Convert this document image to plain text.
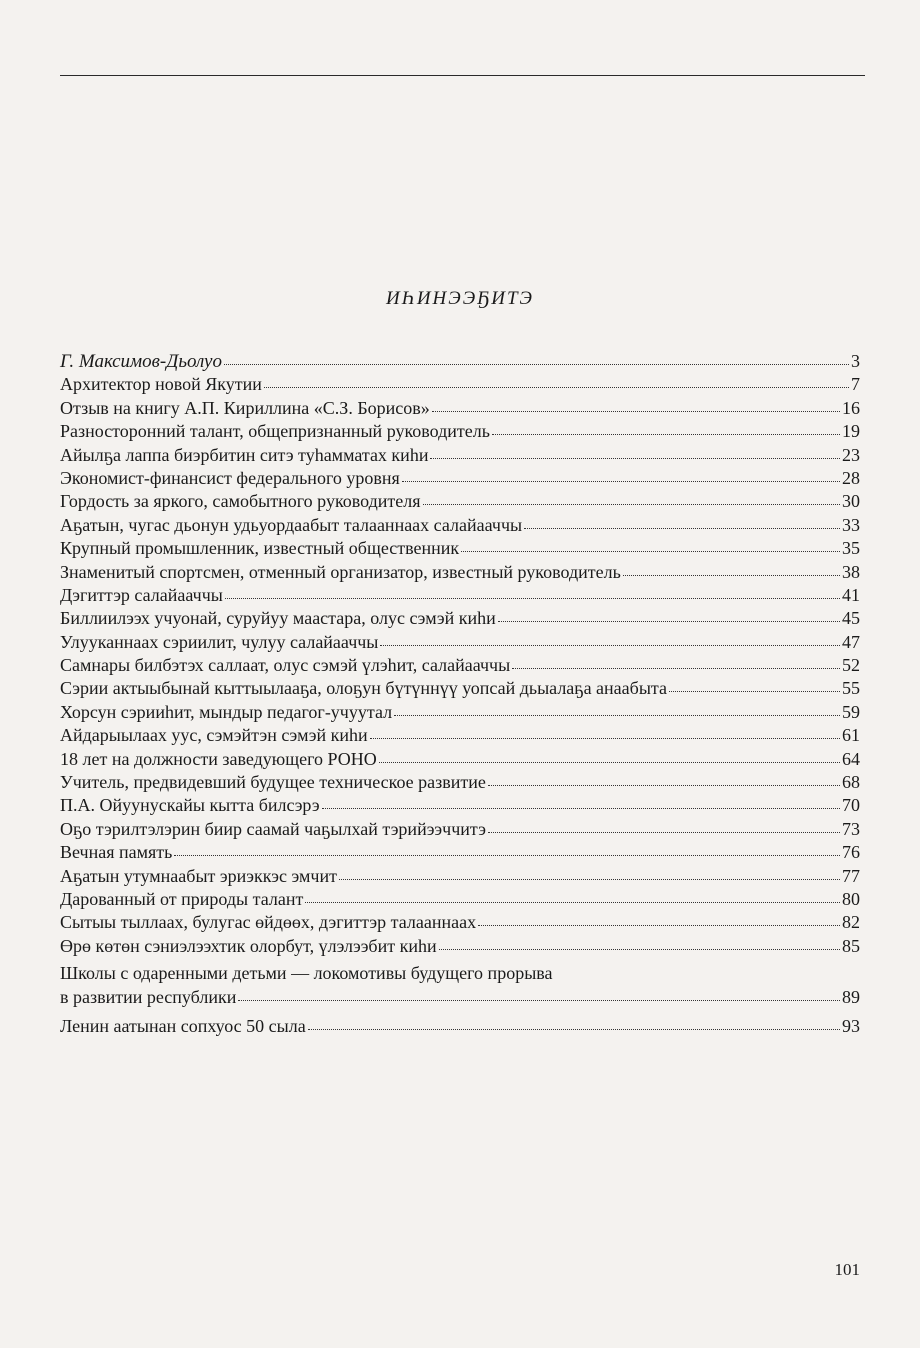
ИҺИНЭЭҔИТЭ
Г. Максимов-Дьолуо	3
Архитектор новой Якутии	7
Отзыв на книгу А.П. Кириллина «С.З. Борисов»	16
Разносторонний талант, общепризнанный руководитель	19
Айылҕа лаппа биэрбитин ситэ туһамматах киһи	23
Экономист-финансист федерального уровня	28
Гордость за яркого, самобытного руководителя	30
Аҕатын, чугас дьонун удьуордаабыт талааннаах салайааччы	33
Крупный промышленник, известный общественник	35
Знаменитый спортсмен, отменный организатор, известный руководитель	38
Дэгиттэр салайааччы	41
Биллиилээх учуонай, суруйуу маастара, олус сэмэй киһи	45
Улууканнаах сэриилит, чулуу салайааччы	47
Самнары билбэтэх саллаат, олус сэмэй үлэһит, салайааччы	52
Сэрии актыыбынай кыттыылааҕа, олоҕун бүтүннүү уопсай дьыалаҕа анаабыта	55
Хорсун сэрииһит, мындыр педагог-учуутал	59
Айдарыылаах уус, сэмэйтэн сэмэй киһи	61
18 лет на должности заведующего РОНО	64
Учитель, предвидевший будущее техническое развитие	68
П.А. Ойуунускайы кытта билсэрэ	70
Оҕо тэрилтэлэрин биир саамай чаҕылхай тэрийээччитэ	73
Вечная память	76
Аҕатын утумнаабыт эриэккэс эмчит	77
Дарованный от природы талант	80
Сытыы тыллаах, булугас өйдөөх, дэгиттэр талааннаах	82
Өрө көтөн сэниэлээхтик олорбут, үлэлээбит киһи	85
Школы с одаренными детьми — локомотивы будущего прорыва
в развитии республики	89
Ленин аатынан сопхуос 50 сыла	93
101
